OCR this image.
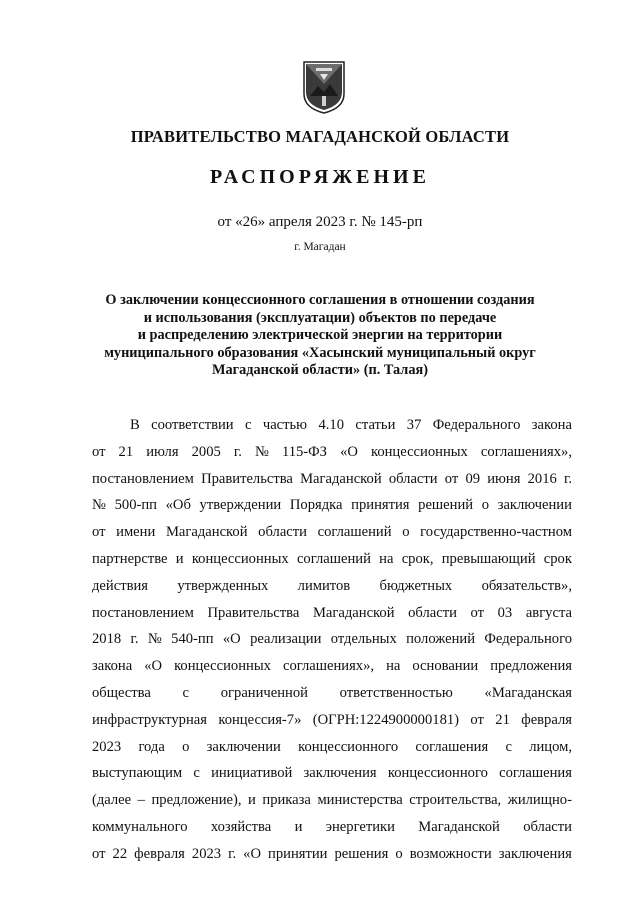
ПРАВИТЕЛЬСТВО МАГАДАНСКОЙ ОБЛАСТИ
РАСПОРЯЖЕНИЕ
от «26» апреля 2023 г. № 145-рп
г. Магадан
О заключении концессионного соглашения в отношении создания
и использования (эксплуатации) объектов по передаче
и распределению электрической энергии на территории
муниципального образования «Хасынский муниципальный округ
Магаданской области» (п. Талая)
В соответствии с частью 4.10 статьи 37 Федерального закона
от 21 июля 2005 г. № 115-ФЗ «О концессионных соглашениях»,
постановлением Правительства Магаданской области от 09 июня 2016 г.
№ 500-пп «Об утверждении Порядка принятия решений о заключении
от имени Магаданской области соглашений о государственно-частном
партнерстве и концессионных соглашений на срок, превышающий срок
действия утвержденных лимитов бюджетных обязательств»,
постановлением Правительства Магаданской области от 03 августа
2018 г. № 540-пп «О реализации отдельных положений Федерального
закона «О концессионных соглашениях», на основании предложения
общества с ограниченной ответственностью «Магаданская
инфраструктурная концессия-7» (ОГРН:1224900000181) от 21 февраля
2023 года о заключении концессионного соглашения с лицом,
выступающим с инициативой заключения концессионного соглашения
(далее – предложение), и приказа министерства строительства, жилищно-
коммунального хозяйства и энергетики Магаданской области
от 22 февраля 2023 г. «О принятии решения о возможности заключения
